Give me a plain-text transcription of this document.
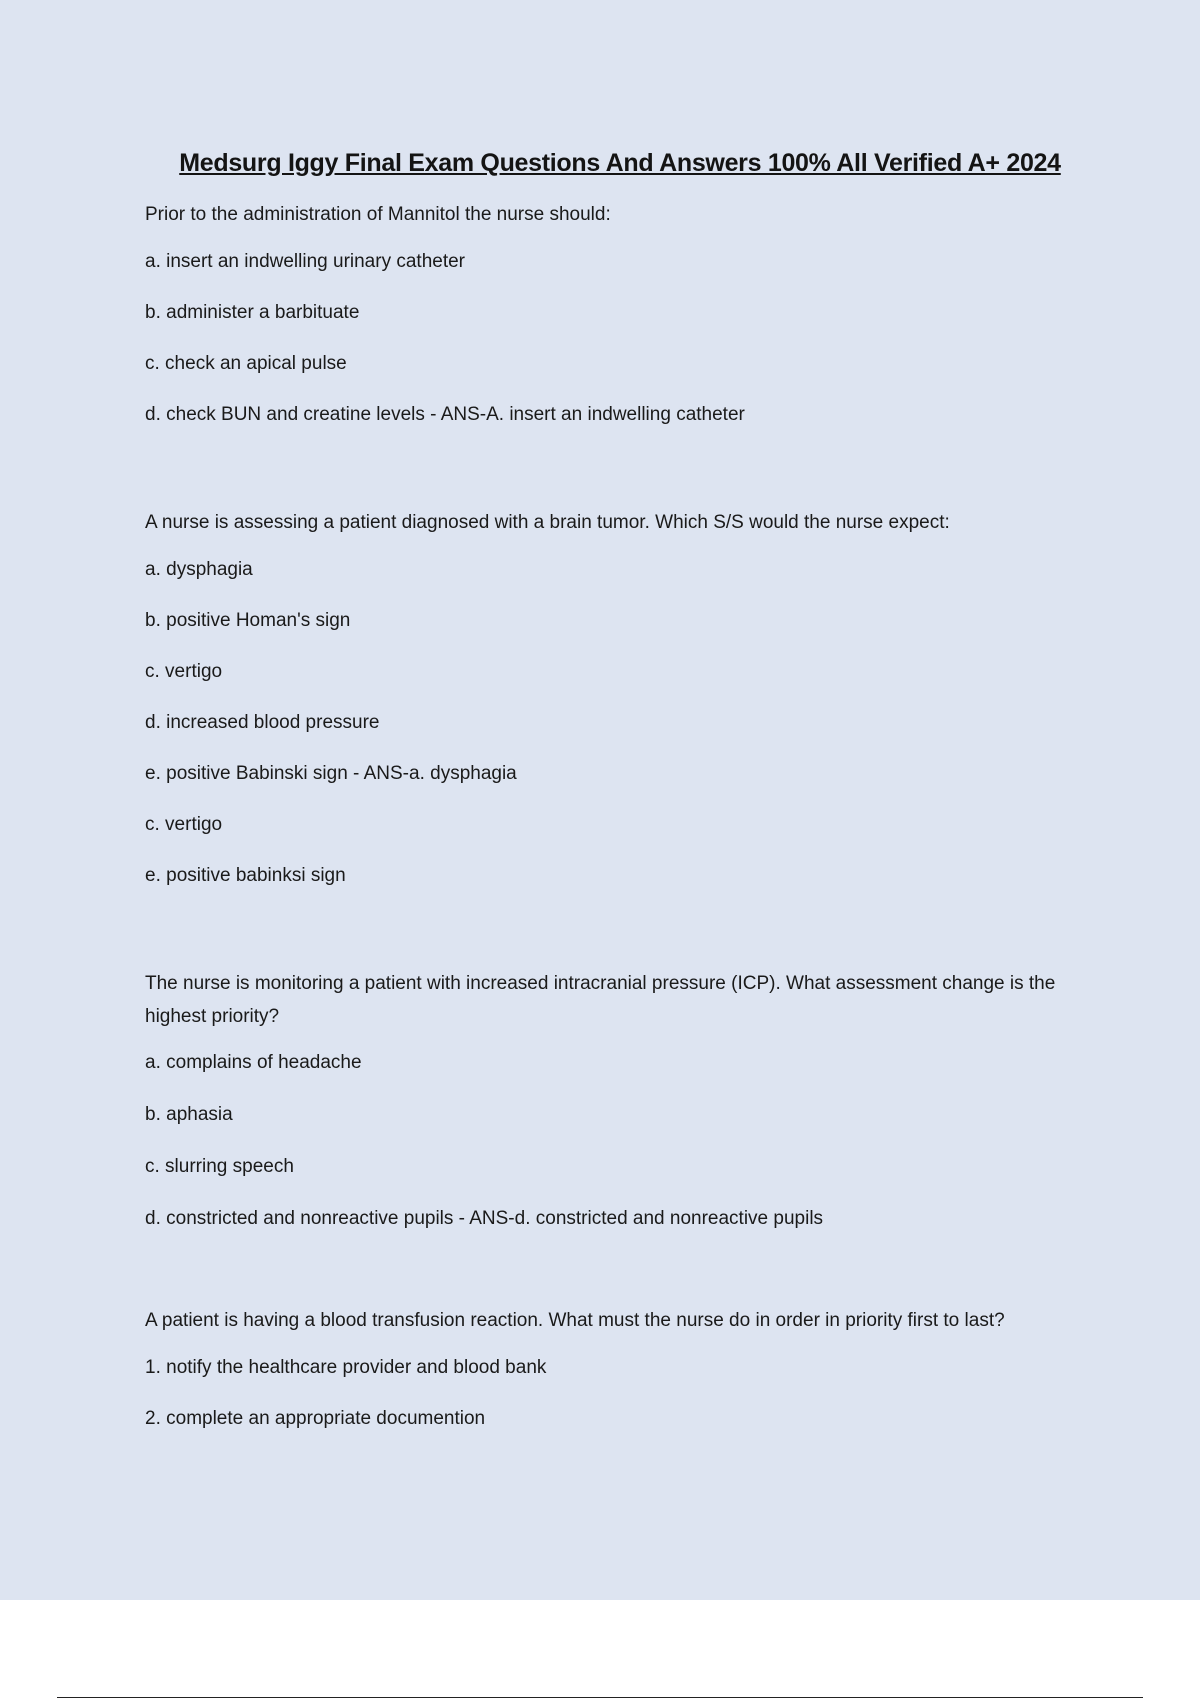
Medsurg Iggy Final Exam Questions And Answers 100% All Verified A+ 2024

Prior to the administration of Mannitol the nurse should:

a. insert an indwelling urinary catheter

b. administer a barbituate

c. check an apical pulse

d. check BUN and creatine levels - ANS-A. insert an indwelling catheter

A nurse is assessing a patient diagnosed with a brain tumor. Which S/S would the nurse expect:

a. dysphagia

b. positive Homan's sign

c. vertigo

d. increased blood pressure

e. positive Babinski sign - ANS-a. dysphagia

c. vertigo

e. positive babinksi sign

The nurse is monitoring a patient with increased intracranial pressure (ICP). What assessment change is the highest priority?

a. complains of headache

b. aphasia

c. slurring speech

d. constricted and nonreactive pupils - ANS-d. constricted and nonreactive pupils

A patient is having a blood transfusion reaction. What must the nurse do in order in priority first to last?

1. notify the healthcare provider and blood bank

2. complete an appropriate documention
